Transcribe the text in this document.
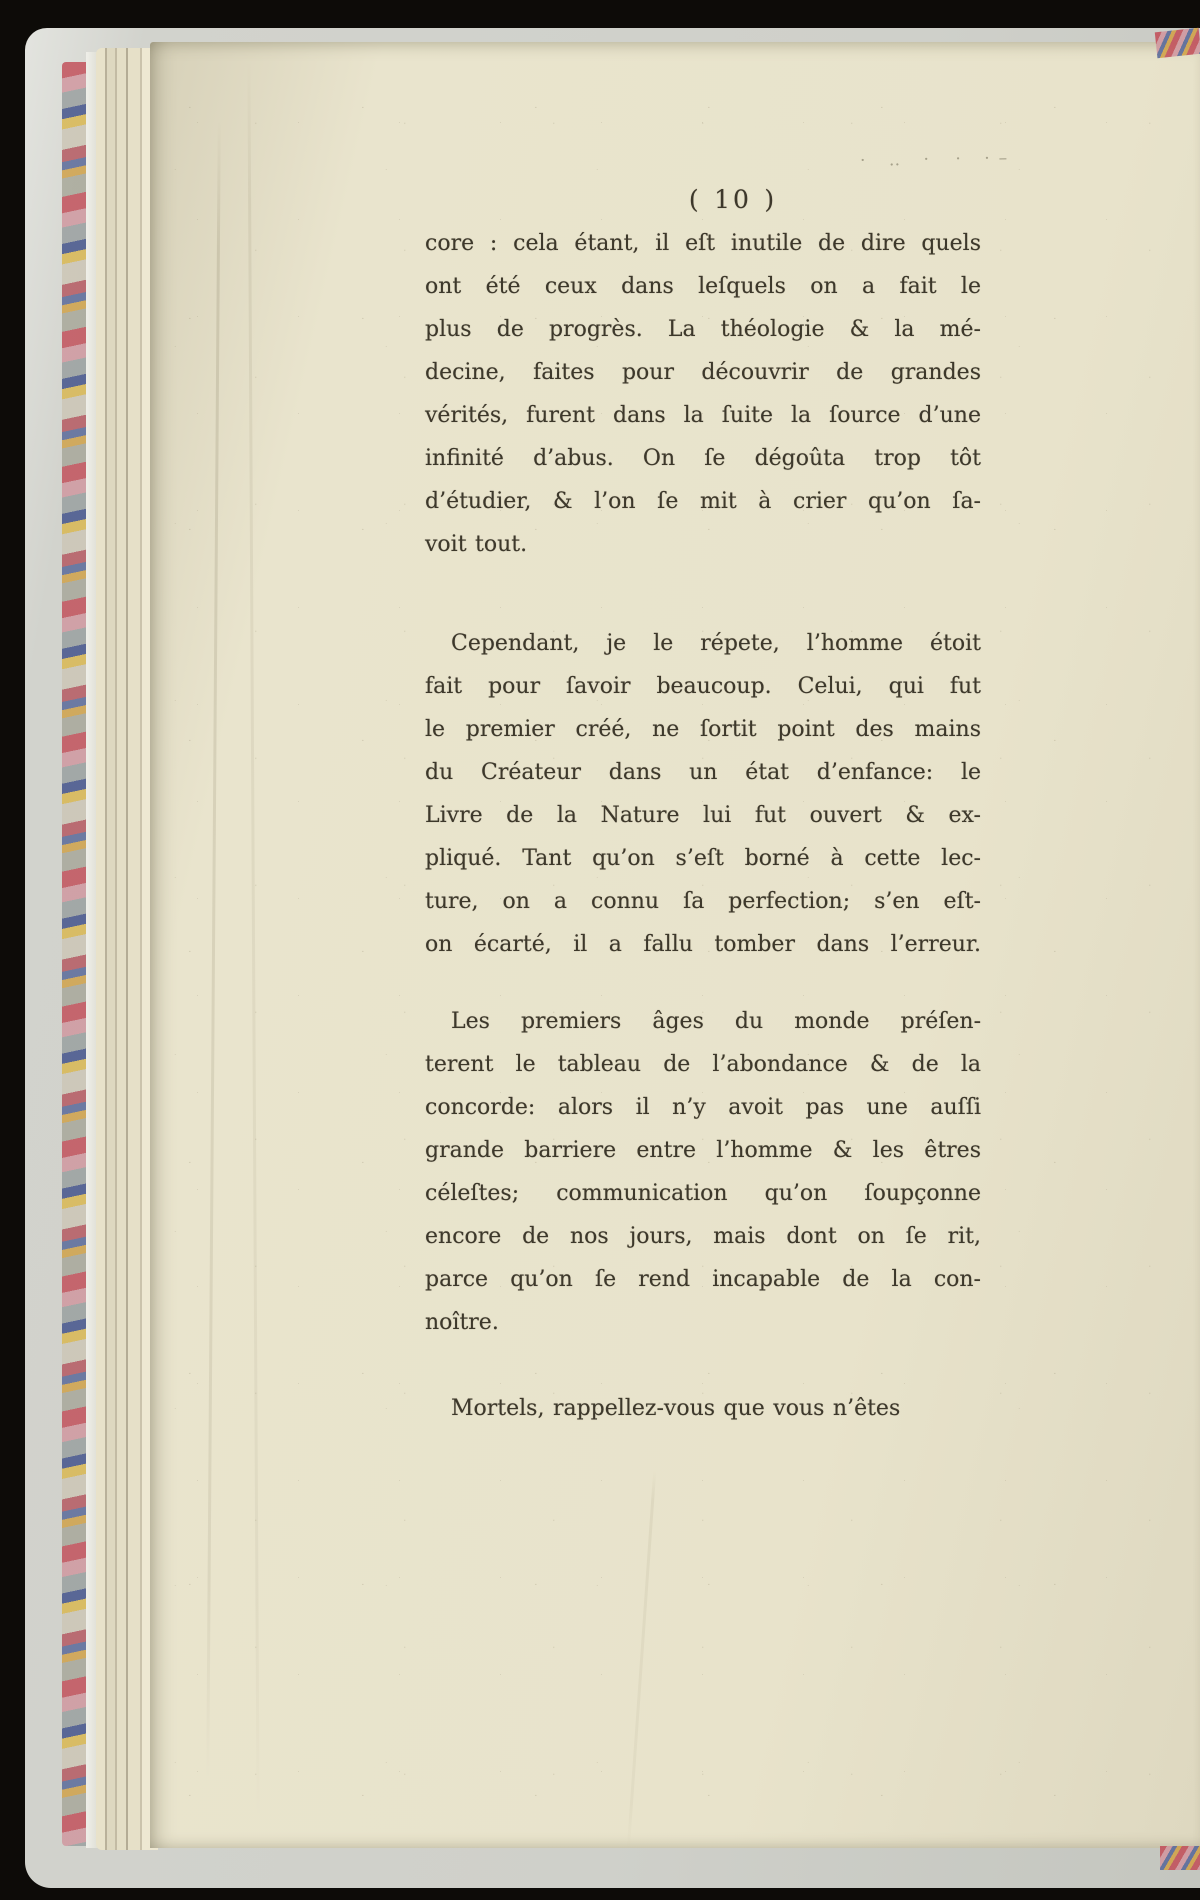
· ‥ · · ·–
( 10 )
core : cela étant, il eſt inutile de dire quels
ont été ceux dans leſquels on a fait le
plus de progrès. La théologie & la mé-
decine, faites pour découvrir de grandes
vérités, furent dans la ſuite la ſource d’une
infinité d’abus. On ſe dégoûta trop tôt
d’étudier, & l’on ſe mit à crier qu’on ſa-
voit tout.
Cependant, je le répete, l’homme étoit
fait pour ſavoir beaucoup. Celui, qui fut
le premier créé, ne ſortit point des mains
du Créateur dans un état d’enfance: le
Livre de la Nature lui fut ouvert & ex-
pliqué. Tant qu’on s’eſt borné à cette lec-
ture, on a connu ſa perfection; s’en eſt-
on écarté, il a fallu tomber dans l’erreur.
Les premiers âges du monde préſen-
terent le tableau de l’abondance & de la
concorde: alors il n’y avoit pas une auſſi
grande barriere entre l’homme & les êtres
céleſtes; communication qu’on ſoupçonne
encore de nos jours, mais dont on ſe rit,
parce qu’on ſe rend incapable de la con-
noître.
Mortels, rappellez-vous que vous n’êtes
